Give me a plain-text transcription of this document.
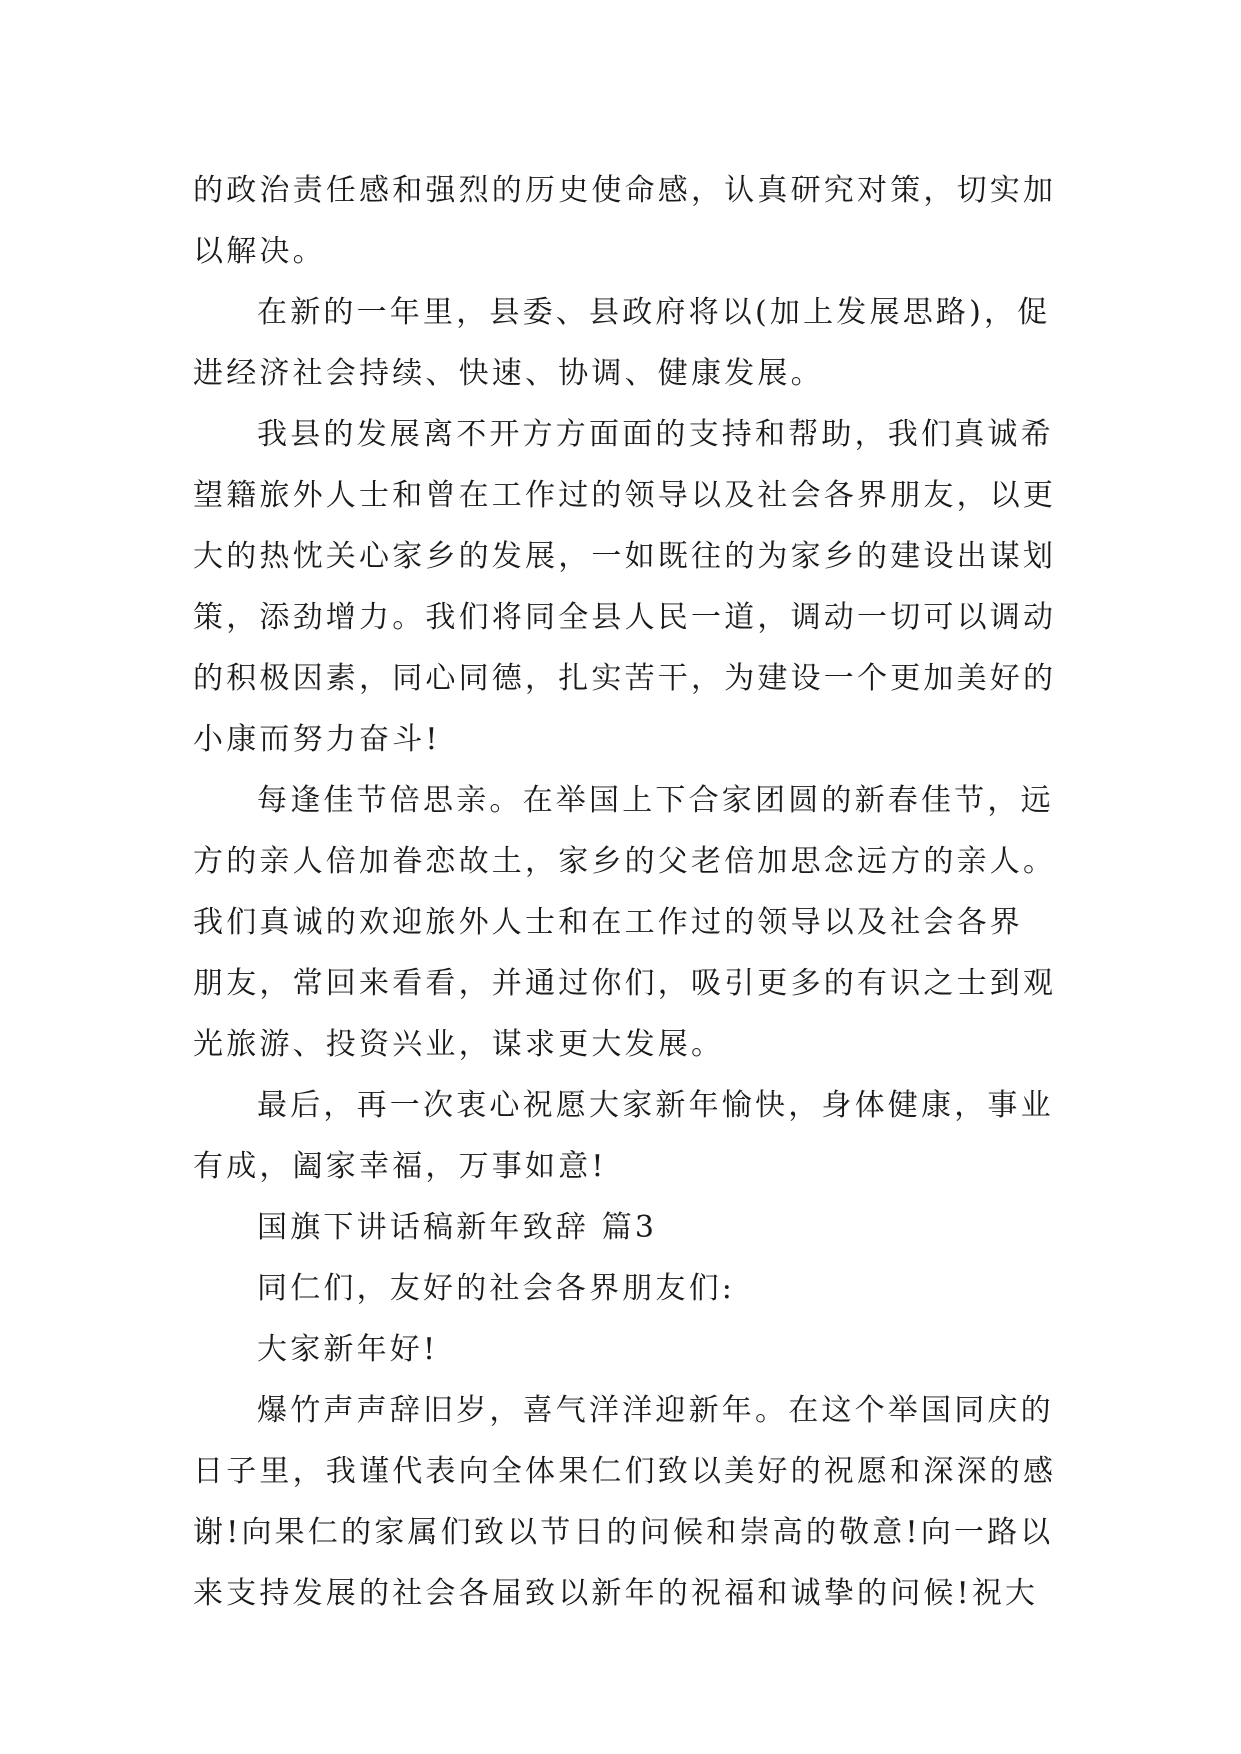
的政治责任感和强烈的历史使命感，认真研究对策，切实加
以解决。
在新的一年里，县委、县政府将以(加上发展思路)，促
进经济社会持续、快速、协调、健康发展。
我县的发展离不开方方面面的支持和帮助，我们真诚希
望籍旅外人士和曾在工作过的领导以及社会各界朋友，以更
大的热忱关心家乡的发展，一如既往的为家乡的建设出谋划
策，添劲增力。我们将同全县人民一道，调动一切可以调动
的积极因素，同心同德，扎实苦干，为建设一个更加美好的
小康而努力奋斗!
每逢佳节倍思亲。在举国上下合家团圆的新春佳节，远
方的亲人倍加眷恋故土，家乡的父老倍加思念远方的亲人。
我们真诚的欢迎旅外人士和在工作过的领导以及社会各界
朋友，常回来看看，并通过你们，吸引更多的有识之士到观
光旅游、投资兴业，谋求更大发展。
最后，再一次衷心祝愿大家新年愉快，身体健康，事业
有成，阖家幸福，万事如意!
国旗下讲话稿新年致辞 篇3
同仁们，友好的社会各界朋友们:
大家新年好!
爆竹声声辞旧岁，喜气洋洋迎新年。在这个举国同庆的
日子里，我谨代表向全体果仁们致以美好的祝愿和深深的感
谢!向果仁的家属们致以节日的问候和崇高的敬意!向一路以
来支持发展的社会各届致以新年的祝福和诚挚的问候!祝大
